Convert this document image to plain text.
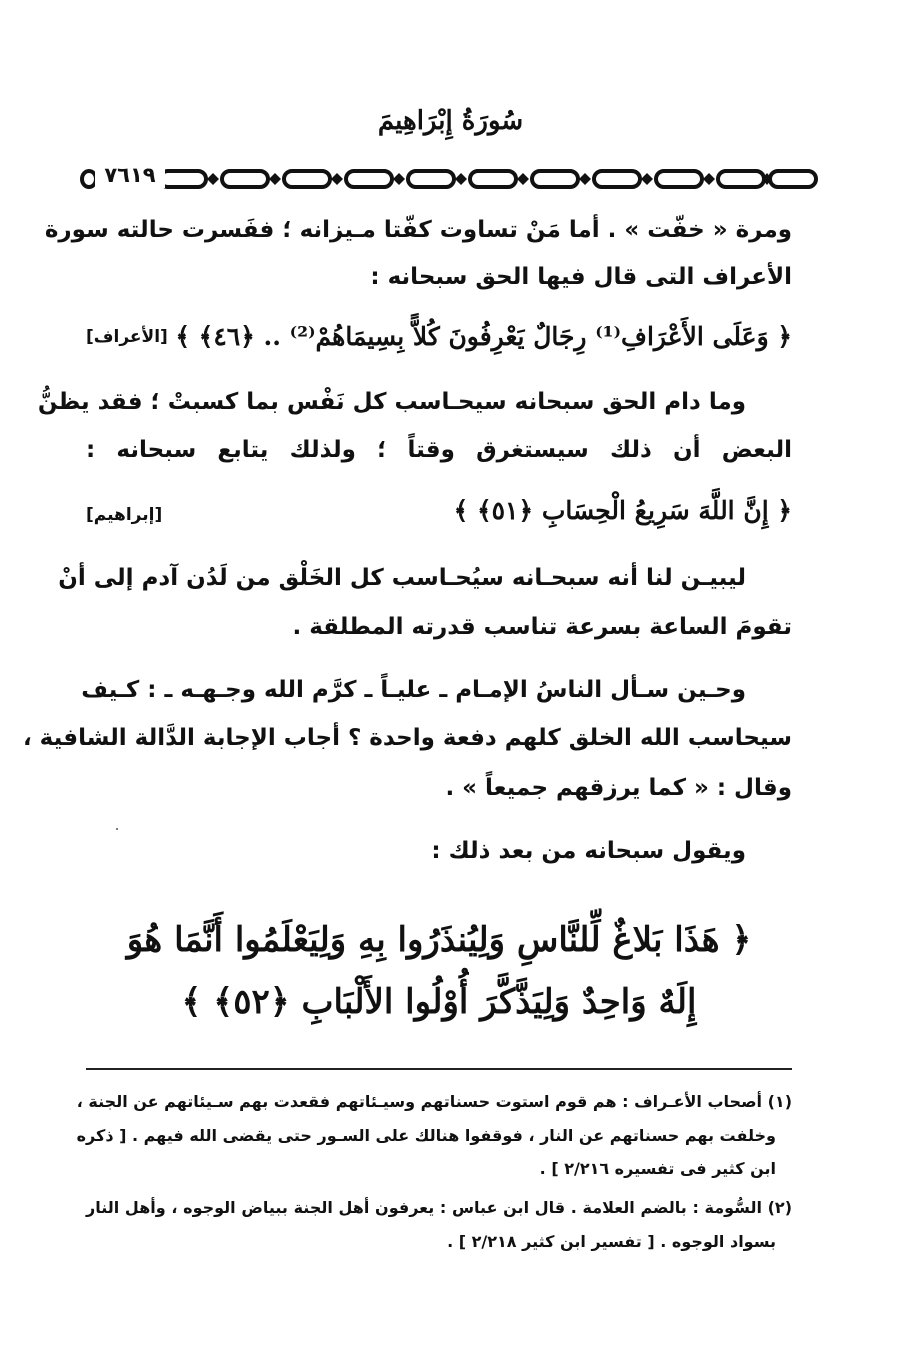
سُورَةُ إِبْرَاهِيمَ
٧٦١٩
ومرة « خفّت » . أما مَنْ تساوت كفّتا مـيزانه ؛ ففَسرت حالته سورة
الأعراف التى قال فيها الحق سبحانه :
﴿ وَعَلَى الأَعْرَافِ⁽¹⁾ رِجَالٌ يَعْرِفُونَ كُلاًّ بِسِيمَاهُمْ⁽²⁾ .. ﴿٤٦﴾ ﴾
[الأعراف]
وما دام الحق سبحانه سيحـاسب كل نَفْس بما كسبتْ ؛ فقد يظنُّ
البعض أن ذلك سيستغرق وقتاً ؛ ولذلك يتابع سبحانه :
﴿ إِنَّ اللَّهَ سَرِيعُ الْحِسَابِ ﴿٥١﴾ ﴾
[إبراهيم]
ليبيـن لنا أنه سبحـانه سيُحـاسب كل الخَلْق من لَدُن آدم إلى أنْ
تقومَ الساعة بسرعة تناسب قدرته المطلقة .
وحـين سـأل الناسُ الإمـام ـ عليـاً ـ كرَّم الله وجـهـه ـ : كـيف
سيحاسب الله الخلق كلهم دفعة واحدة ؟ أجاب الإجابة الدَّالة الشافية ،
وقال : « كما يرزقهم جميعاً » .
ويقول سبحانه من بعد ذلك :
﴿ هَذَا بَلاغٌ لِّلنَّاسِ وَلِيُنذَرُوا بِهِ وَلِيَعْلَمُوا أَنَّمَا هُوَ
إِلَهٌ وَاحِدٌ وَلِيَذَّكَّرَ أُوْلُوا الأَلْبَابِ ﴿٥٢﴾ ﴾
(١) أصحاب الأعـراف : هم قوم استوت حسناتهم وسيـئاتهم فقعدت بهم سـيئاتهم عن الجنة ،
وخلفت بهم حسناتهم عن النار ، فوقفوا هنالك على السـور حتى يقضى الله فيهم . [ ذكره
ابن كثير فى تفسيره ٢/٢١٦ ] .
(٢) السُّومة : بالضم العلامة . قال ابن عباس : يعرفون أهل الجنة ببياض الوجوه ، وأهل النار
بسواد الوجوه . [ تفسير ابن كثير ٢/٢١٨ ] .
